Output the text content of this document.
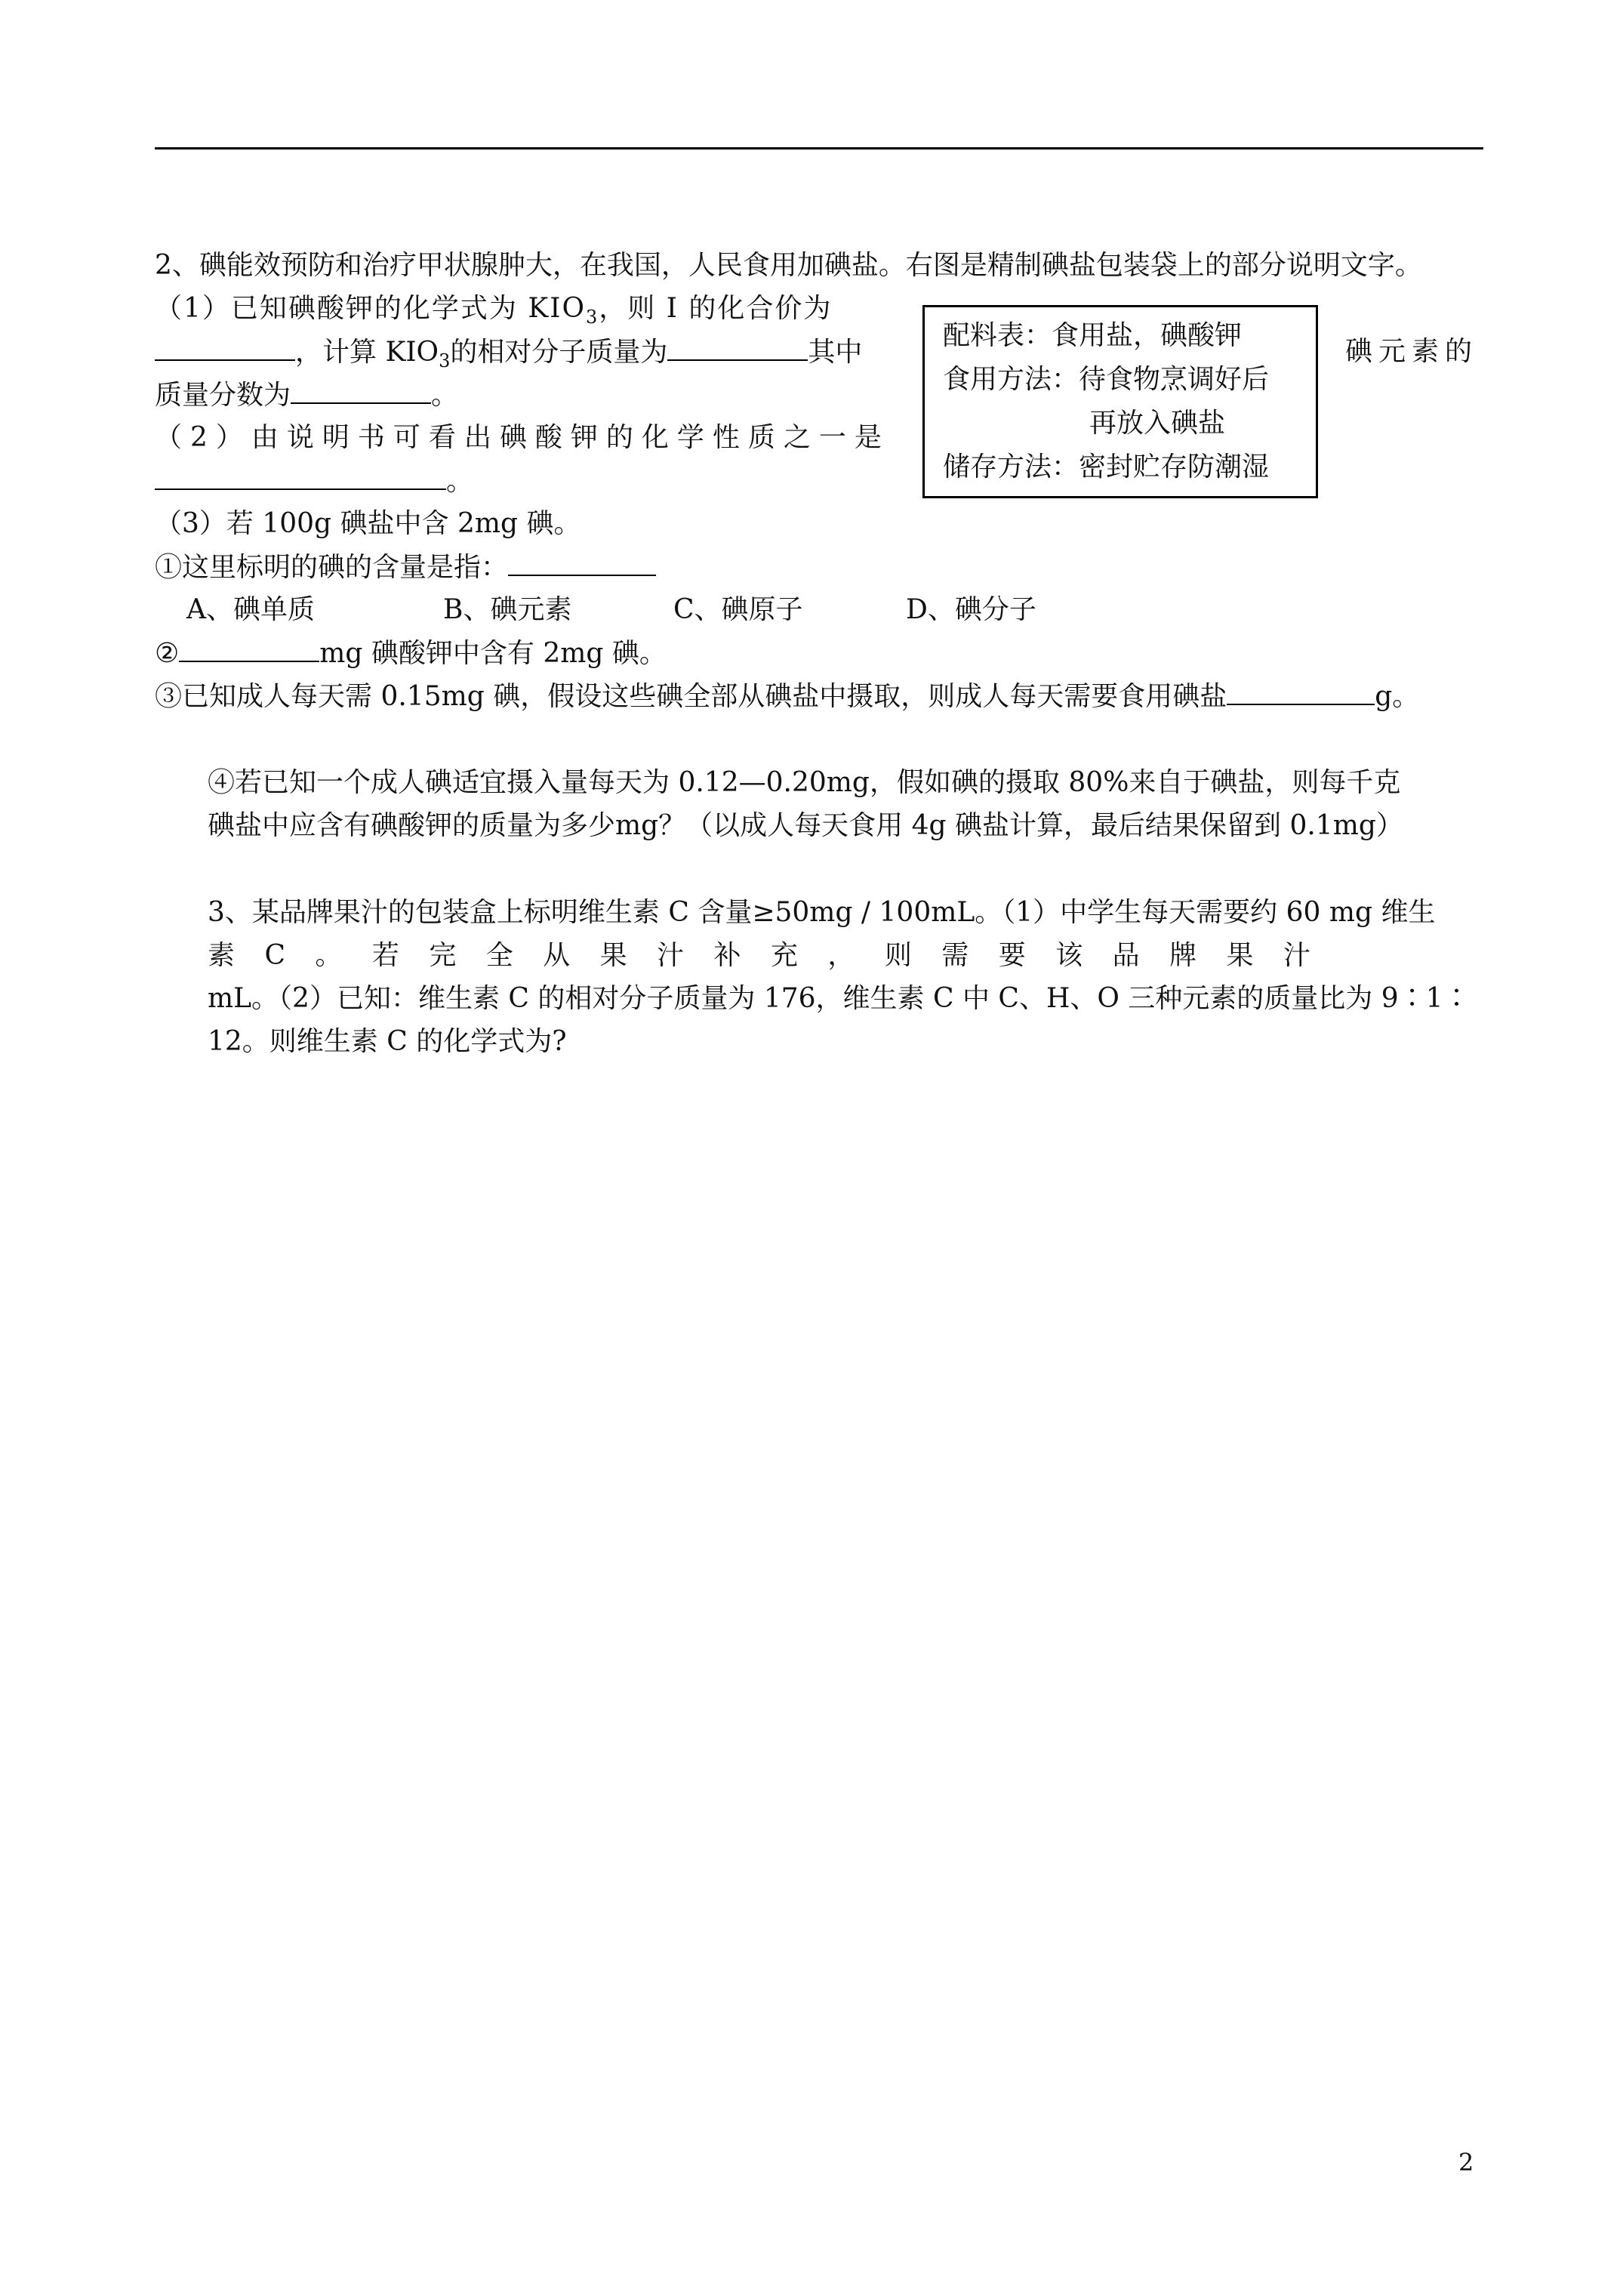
2、碘能效预防和治疗甲状腺肿大，在我国，人民食用加碘盐。右图是精制碘盐包装袋上的部分说明文字。
（1）已知碘酸钾的化学式为 $KIO_3$，则 I 的化合价为
，计算 $KIO_3$的相对分子质量为	其中	碘元素的
质量分数为	。
（2）由说明书可看出碘酸钾的化学性质之一是
。
配料表：食用盐，碘酸钾
食用方法：待食物烹调好后
再放入碘盐
储存方法：密封贮存防潮湿
（3）若 100g 碘盐中含 2mg 碘。
①这里标明的碘的含量是指：
A、碘单质	B、碘元素	C、碘原子	D、碘分子
②	mg 碘酸钾中含有 2mg 碘。
③已知成人每天需 0.15mg 碘，假设这些碘全部从碘盐中摄取，则成人每天需要食用碘盐	g。
④若已知一个成人碘适宜摄入量每天为 0.12—0.20mg，假如碘的摄取 80%来自于碘盐，则每千克
碘盐中应含有碘酸钾的质量为多少mg？（以成人每天食用 4g 碘盐计算，最后结果保留到 0.1mg）
3、某品牌果汁的包装盒上标明维生素 C 含量≥50mg / 100mL。（1）中学生每天需要约 60 mg 维生
素 C 。 若 完 全 从 果 汁 补 充 ， 则 需 要 该 品 牌 果 汁
mL。（2）已知：维生素 C 的相对分子质量为 176，维生素 C 中 C、H、O 三种元素的质量比为 9∶1∶
12。则维生素 C 的化学式为?
2
